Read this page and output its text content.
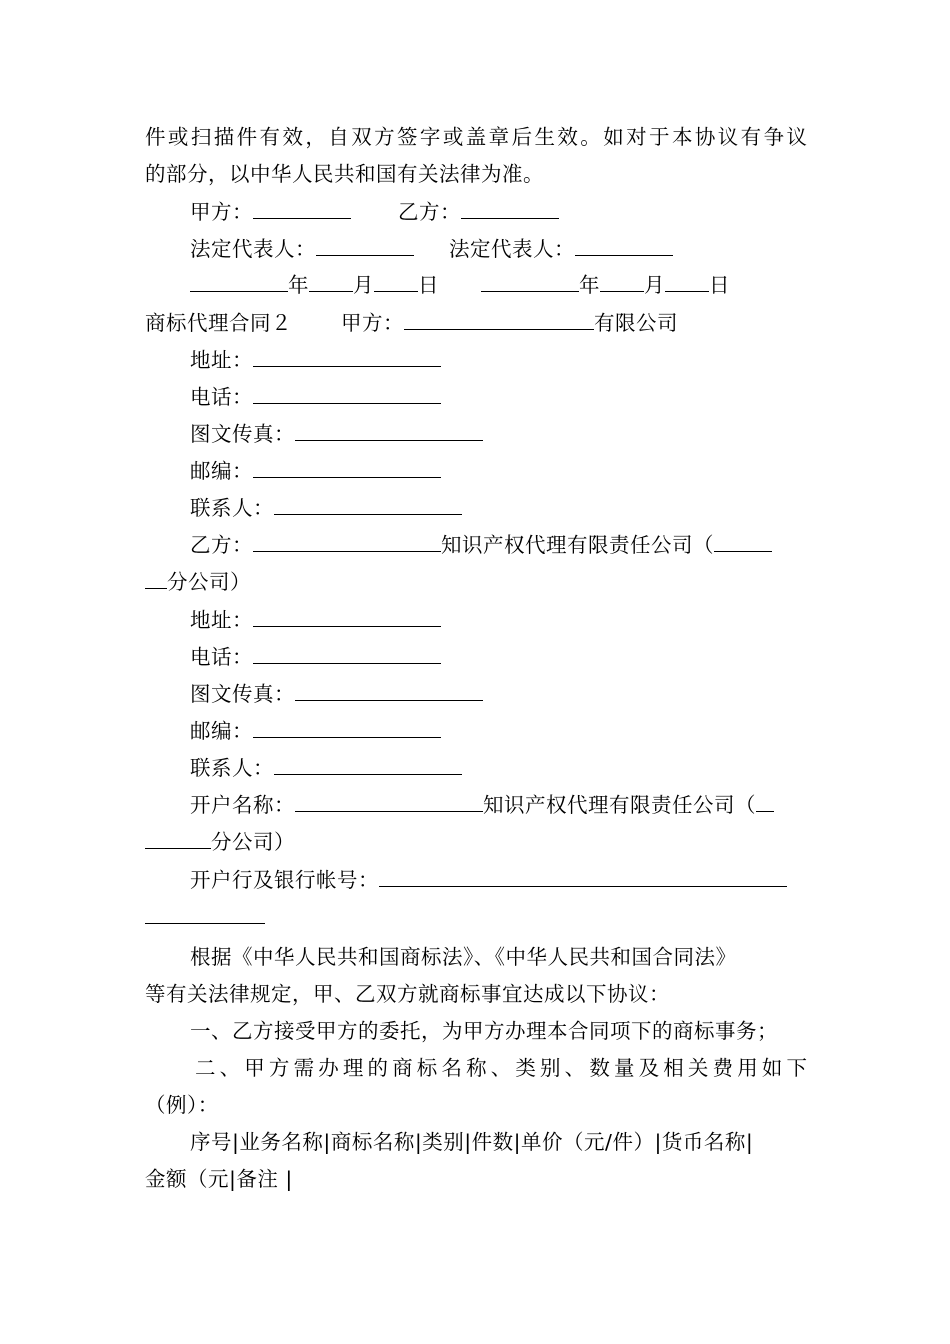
件或扫描件有效，自双方签字或盖章后生效。如对于本协议有争议
的部分，以中华人民共和国有关法律为准。
甲方：	乙方：
法定代表人：	法定代表人：
年 月 日	年 月 日
商标代理合同２ 甲方：	有限公司
地址：
电话：
图文传真：
邮编：
联系人：
乙方：	知识产权代理有限责任公司（
分公司）
地址：
电话：
图文传真：
邮编：
联系人：
开户名称：	知识产权代理有限责任公司（
分公司）
开户行及银行帐号：
根据《中华人民共和国商标法》、《中华人民共和国合同法》
等有关法律规定，甲、乙双方就商标事宜达成以下协议：
一、乙方接受甲方的委托，为甲方办理本合同项下的商标事务；
二、甲方需办理的商标名称、类别、数量及相关费用如下
（例）：
序号|业务名称|商标名称|类别|件数|单价（元/件）|货币名称|
金额（元|备注 |
